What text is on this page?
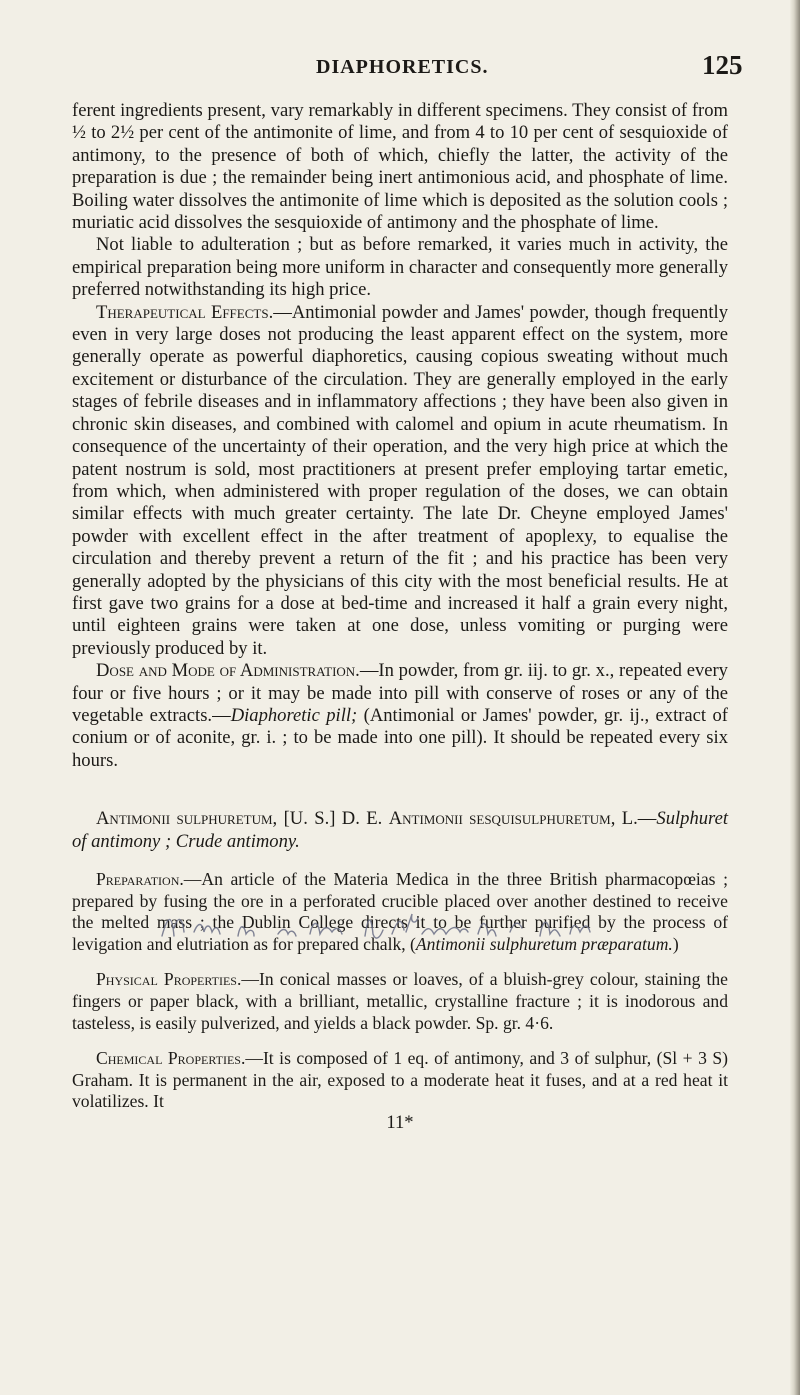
DIAPHORETICS.	125

ferent ingredients present, vary remarkably in different specimens. They consist of from ½ to 2½ per cent of the antimonite of lime, and from 4 to 10 per cent of sesquioxide of antimony, to the presence of both of which, chiefly the latter, the activity of the preparation is due ; the remainder being inert antimonious acid, and phosphate of lime. Boiling water dissolves the antimonite of lime which is deposited as the solution cools ; muriatic acid dissolves the sesquioxide of antimony and the phosphate of lime.

Not liable to adulteration ; but as before remarked, it varies much in activity, the empirical preparation being more uniform in character and consequently more generally preferred notwithstanding its high price.

Therapeutical Effects.—Antimonial powder and James' powder, though frequently even in very large doses not producing the least apparent effect on the system, more generally operate as powerful diaphoretics, causing copious sweating without much excitement or disturbance of the circulation. They are generally employed in the early stages of febrile diseases and in inflammatory affections ; they have been also given in chronic skin diseases, and combined with calomel and opium in acute rheumatism. In consequence of the uncertainty of their operation, and the very high price at which the patent nostrum is sold, most practitioners at present prefer employing tartar emetic, from which, when administered with proper regulation of the doses, we can obtain similar effects with much greater certainty. The late Dr. Cheyne employed James' powder with excellent effect in the after treatment of apoplexy, to equalise the circulation and thereby prevent a return of the fit ; and his practice has been very generally adopted by the physicians of this city with the most beneficial results. He at first gave two grains for a dose at bed-time and increased it half a grain every night, until eighteen grains were taken at one dose, unless vomiting or purging were previously produced by it.

Dose and Mode of Administration.—In powder, from gr. iij. to gr. x., repeated every four or five hours ; or it may be made into pill with conserve of roses or any of the vegetable extracts.—Diaphoretic pill; (Antimonial or James' powder, gr. ij., extract of conium or of aconite, gr. i. ; to be made into one pill). It should be repeated every six hours.

Antimonii sulphuretum, [U. S.] D. E. Antimonii sesquisulphuretum, L.—Sulphuret of antimony ; Crude antimony.

Preparation.—An article of the Materia Medica in the three British pharmacopœias ; prepared by fusing the ore in a perforated crucible placed over another destined to receive the melted mass ; the Dublin College directs it to be further purified by the process of levigation and elutriation as for prepared chalk, (Antimonii sulphuretum præparatum.)

Physical Properties.—In conical masses or loaves, of a bluish-grey colour, staining the fingers or paper black, with a brilliant, metallic, crystalline fracture ; it is inodorous and tasteless, is easily pulverized, and yields a black powder. Sp. gr. 4·6.

Chemical Properties.—It is composed of 1 eq. of antimony, and 3 of sulphur, (Sl + 3 S) Graham. It is permanent in the air, exposed to a moderate heat it fuses, and at a red heat it volatilizes. It

11*
